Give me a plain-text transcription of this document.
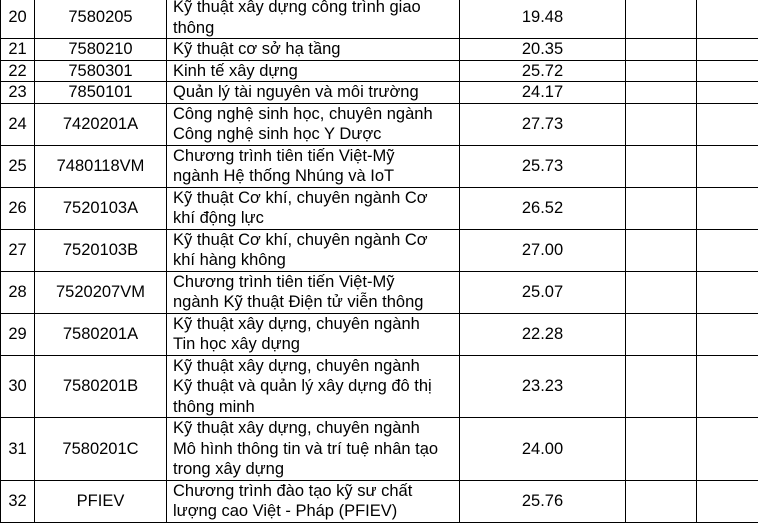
20	7580205	Kỹ thuật xây dựng công trình giao
thông	19.48		
21	7580210	Kỹ thuật cơ sở hạ tầng	20.35		
22	7580301	Kinh tế xây dựng	25.72		
23	7850101	Quản lý tài nguyên và môi trường	24.17		
24	7420201A	Công nghệ sinh học, chuyên ngành
Công nghệ sinh học Y Dược	27.73		
25	7480118VM	Chương trình tiên tiến Việt-Mỹ
ngành Hệ thống Nhúng và IoT	25.73		
26	7520103A	Kỹ thuật Cơ khí, chuyên ngành Cơ
khí động lực	26.52		
27	7520103B	Kỹ thuật Cơ khí, chuyên ngành Cơ
khí hàng không	27.00		
28	7520207VM	Chương trình tiên tiến Việt-Mỹ
ngành Kỹ thuật Điện tử viễn thông	25.07		
29	7580201A	Kỹ thuật xây dựng, chuyên ngành
Tin học xây dựng	22.28		
30	7580201B	Kỹ thuật xây dựng, chuyên ngành
Kỹ thuật và quản lý xây dựng đô thị
thông minh	23.23		
31	7580201C	Kỹ thuật xây dựng, chuyên ngành
Mô hình thông tin và trí tuệ nhân tạo
trong xây dựng	24.00		
32	PFIEV	Chương trình đào tạo kỹ sư chất
lượng cao Việt - Pháp (PFIEV)	25.76		
